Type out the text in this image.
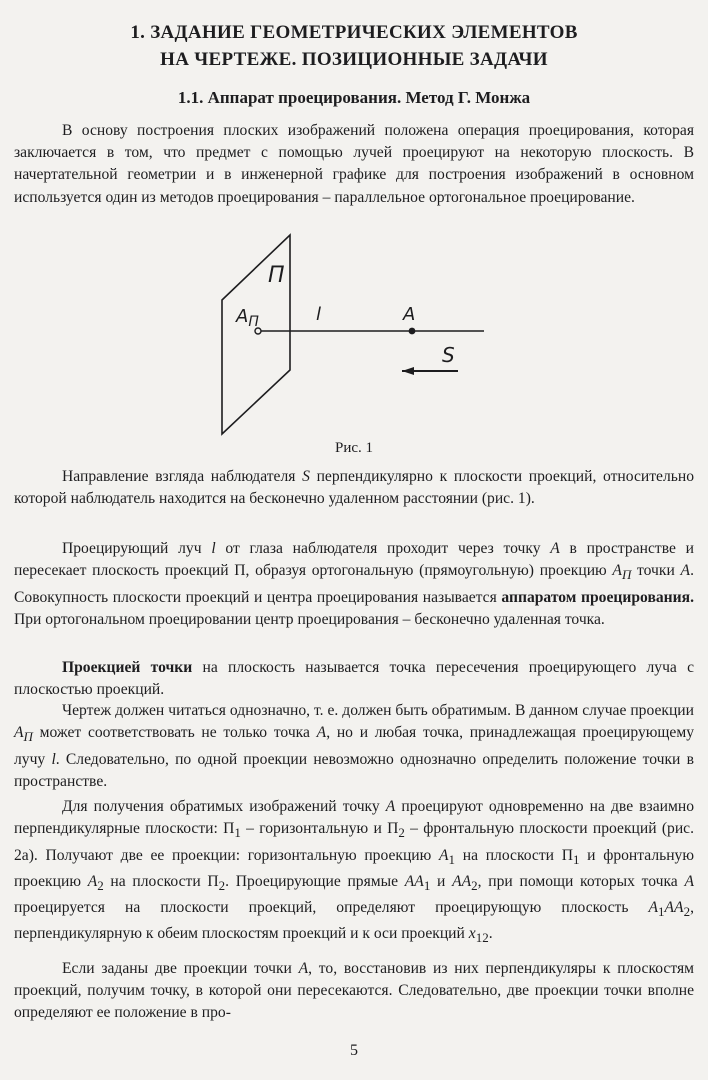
1. ЗАДАНИЕ ГЕОМЕТРИЧЕСКИХ ЭЛЕМЕНТОВ
НА ЧЕРТЕЖЕ. ПОЗИЦИОННЫЕ ЗАДАЧИ
1.1. Аппарат проецирования. Метод Г. Монжа

В основу построения плоских изображений положена операция проецирования, которая заключается в том, что предмет с помощью лучей проецируют на некоторую плоскость. В начертательной геометрии и в инженерной графике для построения изображений в основном используется один из методов проецирования – параллельное ортогональное проецирование.

П
$A_П$	l	A
S
Рис. 1

Направление взгляда наблюдателя S перпендикулярно к плоскости проекций, относительно которой наблюдатель находится на бесконечно удаленном расстоянии (рис. 1).

Проецирующий луч l от глаза наблюдателя проходит через точку A в пространстве и пересекает плоскость проекций П, образуя ортогональную (прямоугольную) проекцию $A_П$ точки A. Совокупность плоскости проекций и центра проецирования называется аппаратом проецирования. При ортогональном проецировании центр проецирования – бесконечно удаленная точка.

Проекцией точки на плоскость называется точка пересечения проецирующего луча с плоскостью проекций.

Чертеж должен читаться однозначно, т. е. должен быть обратимым. В данном случае проекции $A_П$ может соответствовать не только точка A, но и любая точка, принадлежащая проецирующему лучу l. Следовательно, по одной проекции невозможно однозначно определить положение точки в пространстве.

Для получения обратимых изображений точку A проецируют одновременно на две взаимно перпендикулярные плоскости: $П_1$ – горизонтальную и $П_2$ – фронтальную плоскости проекций (рис. 2а). Получают две ее проекции: горизонтальную проекцию $A_1$ на плоскости $П_1$ и фронтальную проекцию $A_2$ на плоскости $П_2$. Проецирующие прямые $AA_1$ и $AA_2$, при помощи которых точка A проецируется на плоскости проекций, определяют проецирующую плоскость $A_1AA_2$, перпендикулярную к обеим плоскостям проекций и к оси проекций $x_{12}$.

Если заданы две проекции точки A, то, восстановив из них перпендикуляры к плоскостям проекций, получим точку, в которой они пересекаются. Следовательно, две проекции точки вполне определяют ее положение в про-

5
